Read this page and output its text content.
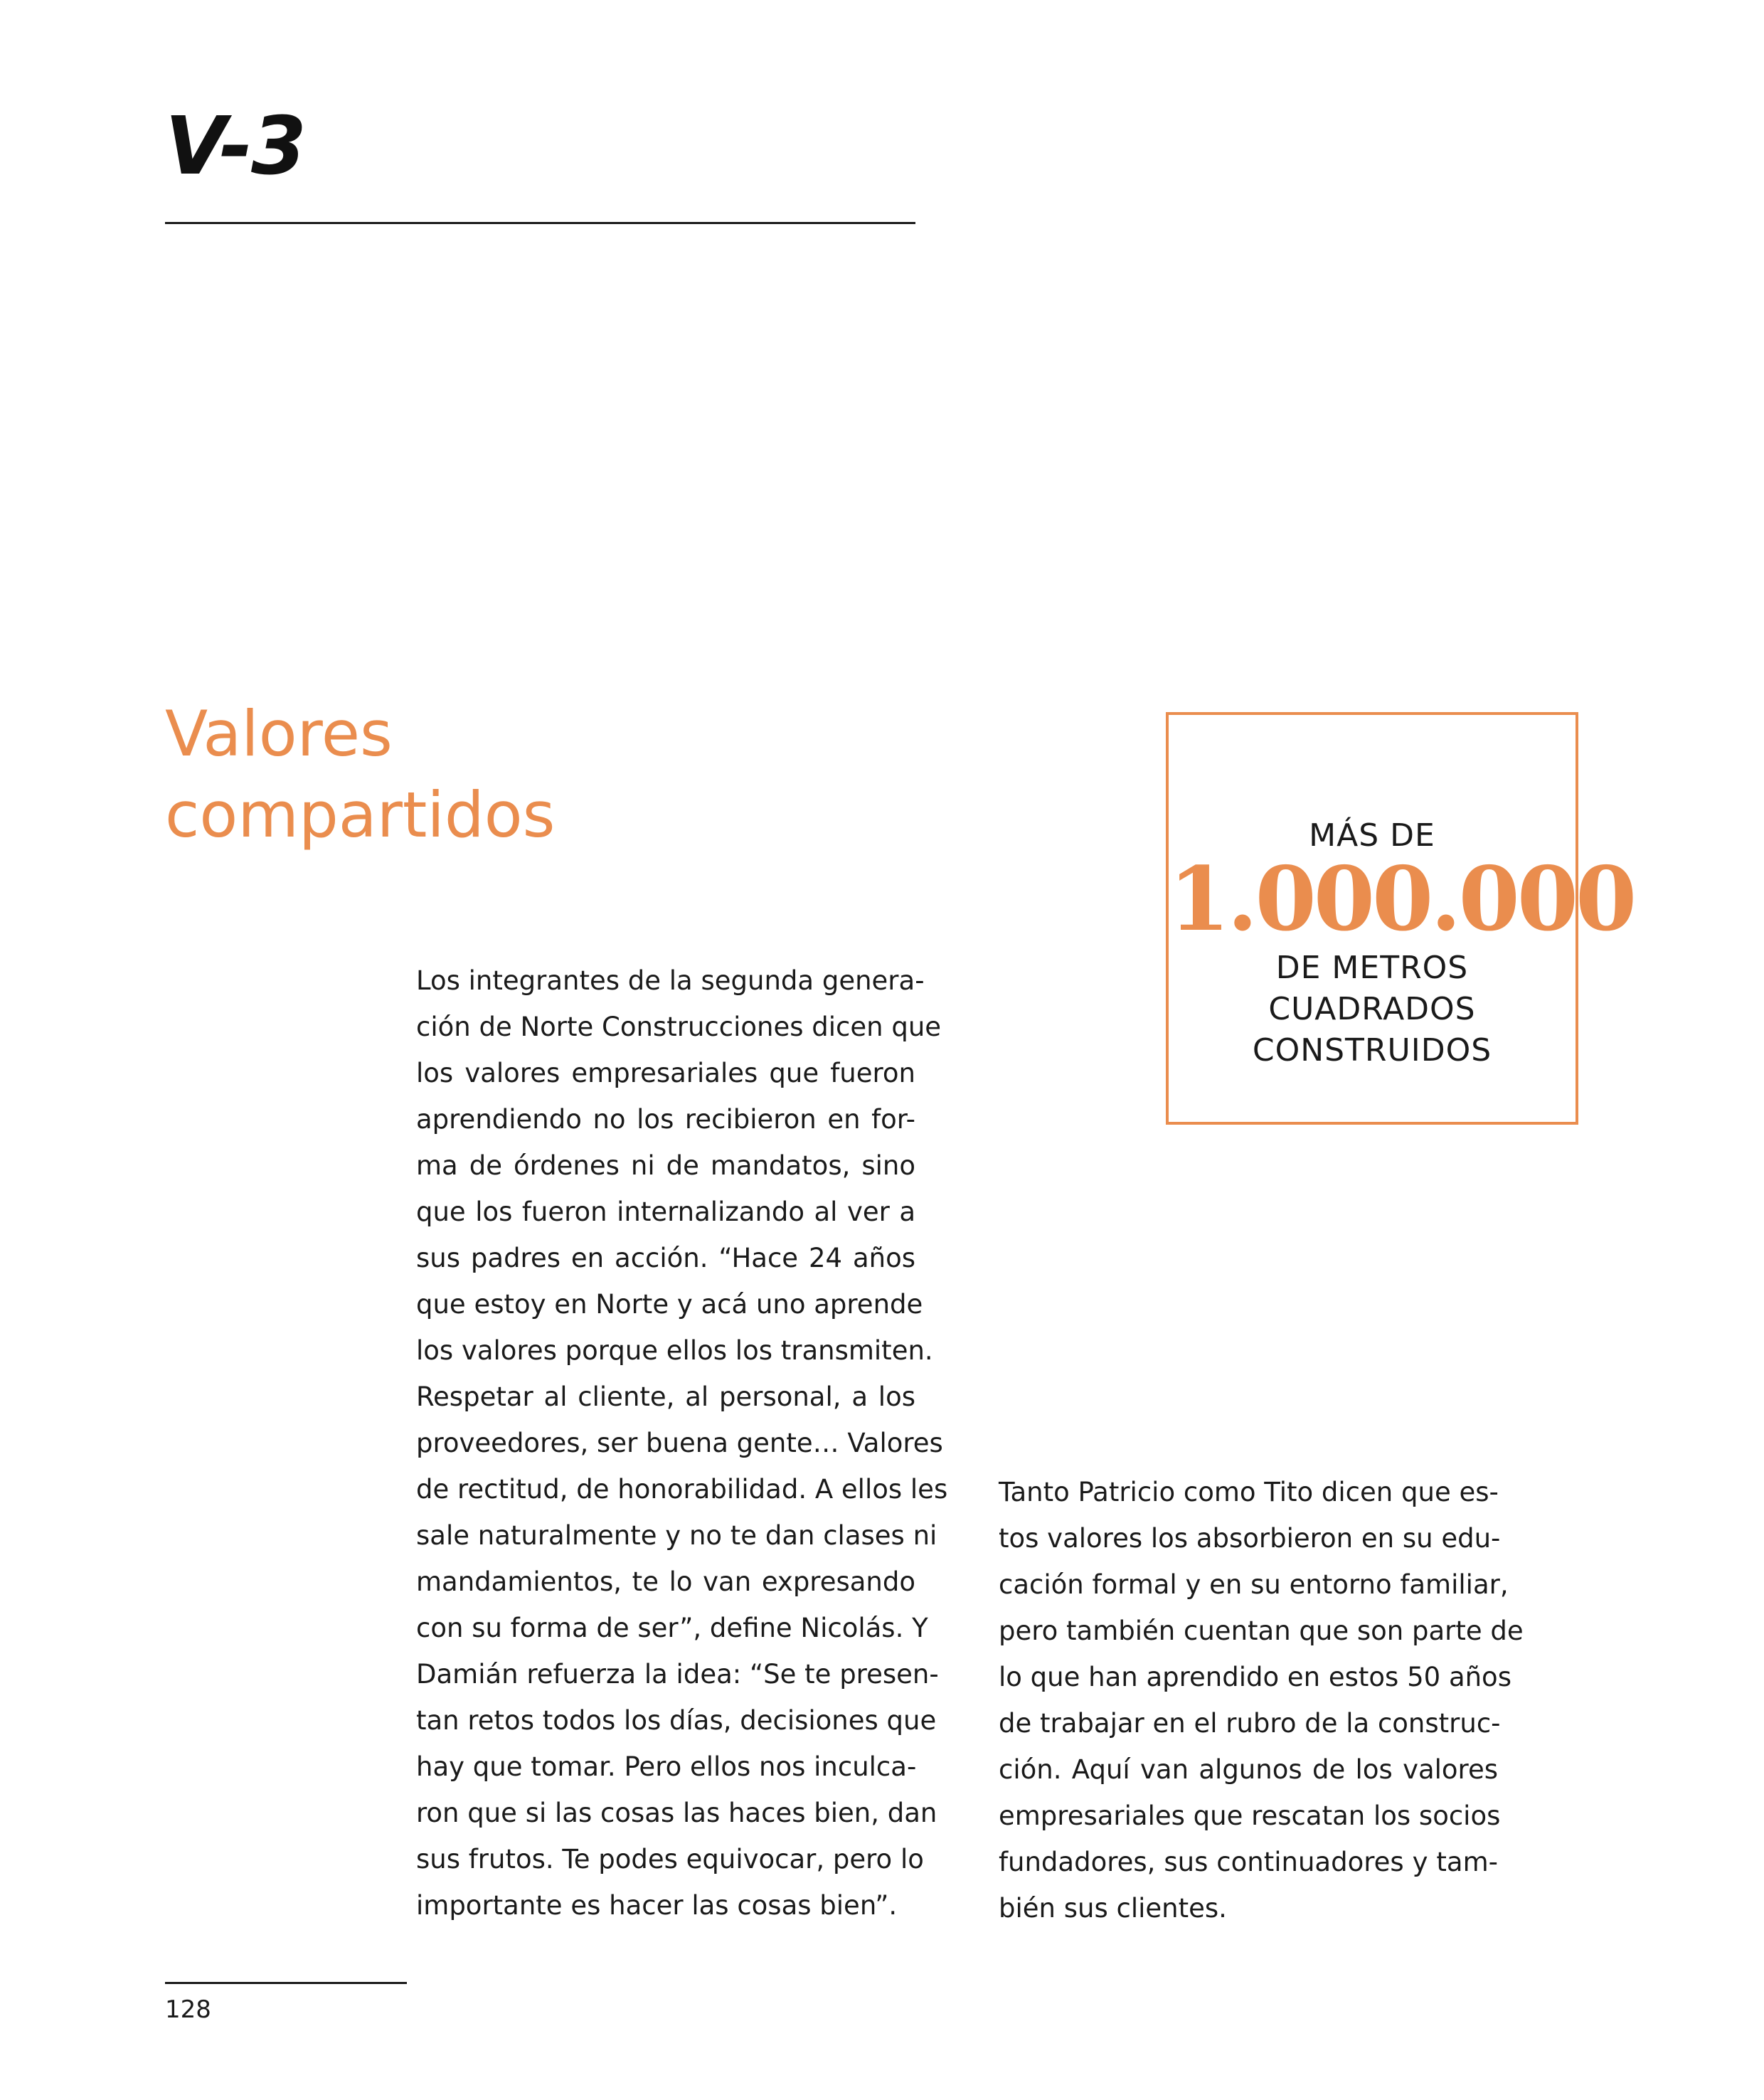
V-3
Valores
compartidos	MÁS DE
1.000.000
DE METROS
CUADRADOS
CONSTRUIDOS
Los integrantes de la segunda genera-
ción de Norte Construcciones dicen que
los valores empresariales que fueron
aprendiendo no los recibieron en for-
ma de órdenes ni de mandatos, sino
que los fueron internalizando al ver a
sus padres en acción. “Hace 24 años
que estoy en Norte y acá uno aprende
los valores porque ellos los transmiten.
Respetar al cliente, al personal, a los
proveedores, ser buena gente… Valores
de rectitud, de honorabilidad. A ellos les
sale naturalmente y no te dan clases ni
mandamientos, te lo van expresando
con su forma de ser”, define Nicolás. Y
Damián refuerza la idea: “Se te presen-
tan retos todos los días, decisiones que
hay que tomar. Pero ellos nos inculca-
ron que si las cosas las haces bien, dan
sus frutos. Te podes equivocar, pero lo
importante es hacer las cosas bien”.
Tanto Patricio como Tito dicen que es-
tos valores los absorbieron en su edu-
cación formal y en su entorno familiar,
pero también cuentan que son parte de
lo que han aprendido en estos 50 años
de trabajar en el rubro de la construc-
ción. Aquí van algunos de los valores
empresariales que rescatan los socios
fundadores, sus continuadores y tam-
bién sus clientes.
128
